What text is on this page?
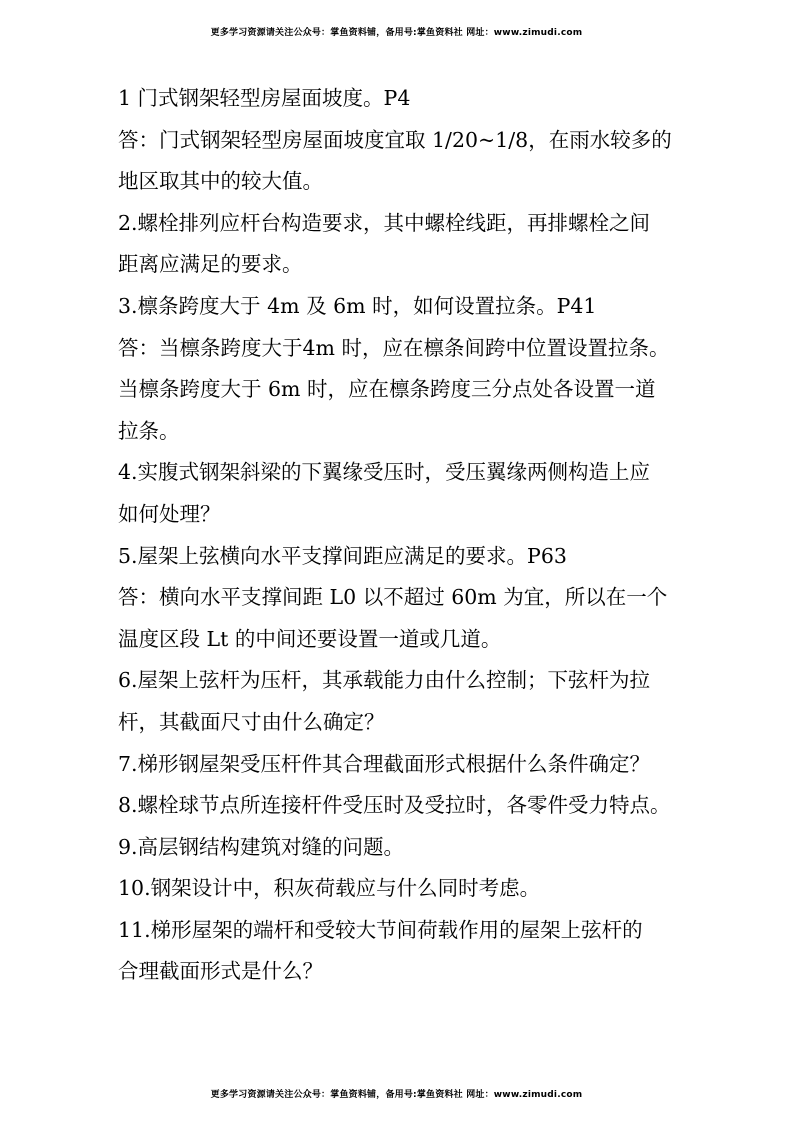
更多学习资源请关注公众号：掌鱼资料铺，备用号:掌鱼资料社 网址：www.zimudi.com
1 门式钢架轻型房屋面坡度。P4
答：门式钢架轻型房屋面坡度宜取 1/20~1/8，在雨水较多的
地区取其中的较大值。
2.螺栓排列应杆台构造要求，其中螺栓线距，再排螺栓之间
距离应满足的要求。
3.檩条跨度大于 4m 及 6m 时，如何设置拉条。P41
答：当檩条跨度大于4m 时，应在檩条间跨中位置设置拉条。
当檩条跨度大于 6m 时，应在檩条跨度三分点处各设置一道
拉条。
4.实腹式钢架斜梁的下翼缘受压时，受压翼缘两侧构造上应
如何处理？
5.屋架上弦横向水平支撑间距应满足的要求。P63
答：横向水平支撑间距 L0 以不超过 60m 为宜，所以在一个
温度区段 Lt 的中间还要设置一道或几道。
6.屋架上弦杆为压杆，其承载能力由什么控制；下弦杆为拉
杆，其截面尺寸由什么确定？
7.梯形钢屋架受压杆件其合理截面形式根据什么条件确定？
8.螺栓球节点所连接杆件受压时及受拉时，各零件受力特点。
9.高层钢结构建筑对缝的问题。
10.钢架设计中，积灰荷载应与什么同时考虑。
11.梯形屋架的端杆和受较大节间荷载作用的屋架上弦杆的
合理截面形式是什么？
更多学习资源请关注公众号：掌鱼资料铺，备用号:掌鱼资料社 网址：www.zimudi.com
